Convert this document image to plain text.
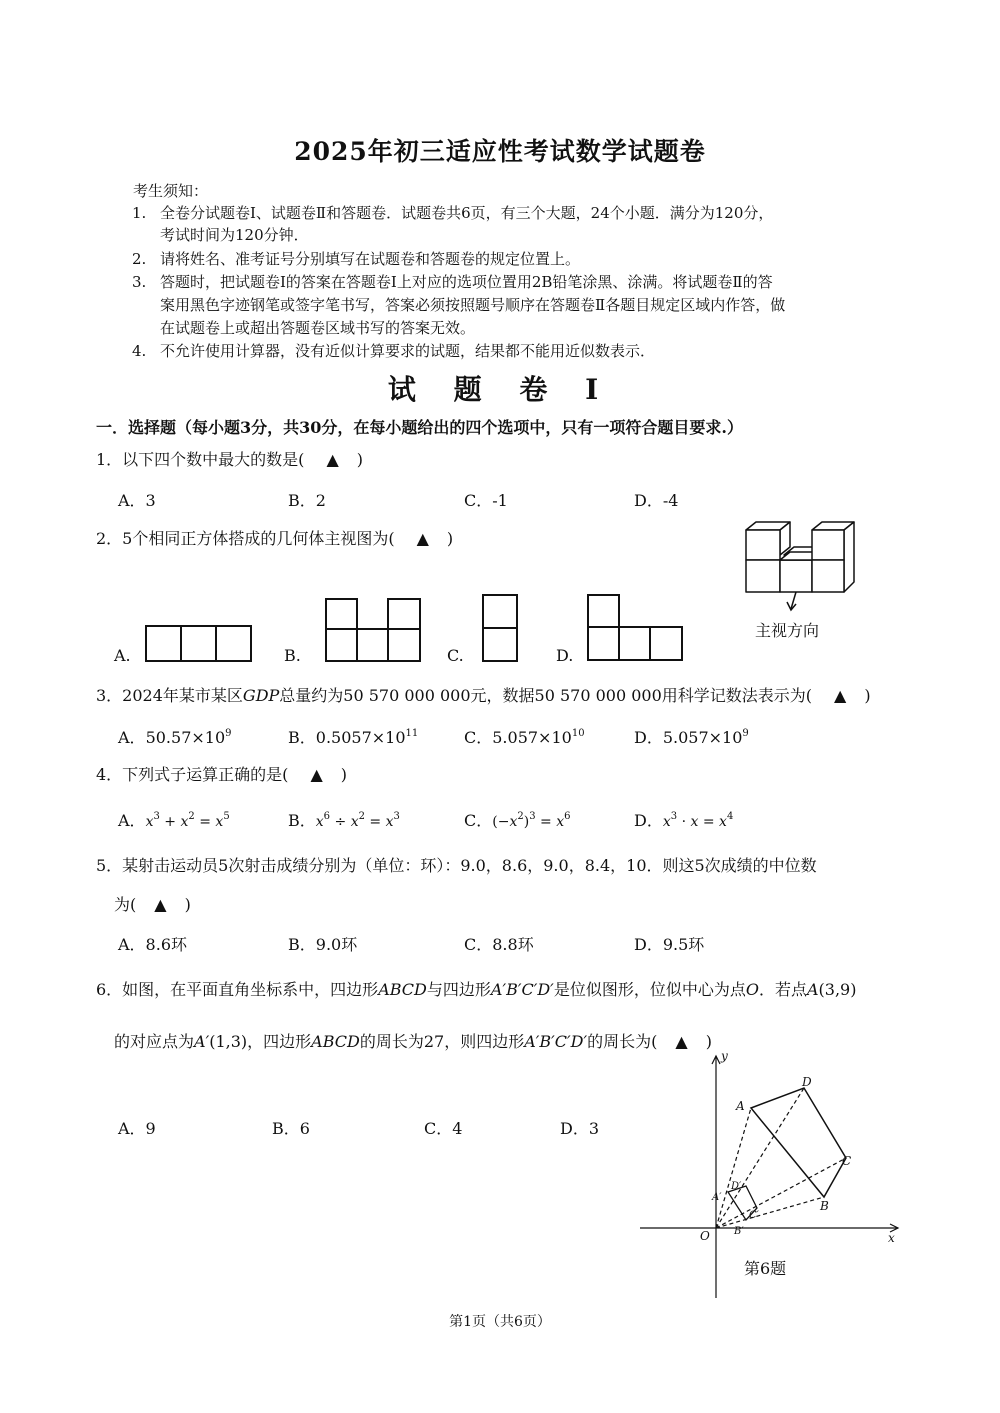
2025年初三适应性考试数学试题卷
考生须知：
1. 全卷分试题卷Ⅰ、试题卷Ⅱ和答题卷．试题卷共6页，有三个大题，24个小题．满分为120分，
考试时间为120分钟．
2. 请将姓名、准考证号分别填写在试题卷和答题卷的规定位置上。
3. 答题时，把试题卷Ⅰ的答案在答题卷Ⅰ上对应的选项位置用2B铅笔涂黑、涂满。将试题卷Ⅱ的答
案用黑色字迹钢笔或签字笔书写，答案必须按照题号顺序在答题卷Ⅱ各题目规定区域内作答，做
在试题卷上或超出答题卷区域书写的答案无效。
4. 不允许使用计算器，没有近似计算要求的试题，结果都不能用近似数表示．
试 题 卷 Ⅰ
一．选择题（每小题3分，共30分，在每小题给出的四个选项中，只有一项符合题目要求.）
1．以下四个数中最大的数是( ▲ )
A．3	B．2	C．-1	D．-4
2．5个相同正方体搭成的几何体主视图为( ▲ )
A.	B.	C.	D.
主视方向
3．2024年某市某区GDP总量约为50 570 000 000元，数据50 570 000 000用科学记数法表示为( ▲ )
A．$50.57\times 10^9$	B．$0.5057\times 10^{11}$	C．$5.057\times 10^{10}$	D．$5.057\times 10^9$
4．下列式子运算正确的是( ▲ )
A．$x^3 + x^2 = x^5$	B．$x^6 \div x^2 = x^3$	C．$(-x^2)^3 = x^6$	D．$x^3 \cdot x = x^4$
5．某射击运动员5次射击成绩分别为（单位：环）：9.0，8.6，9.0，8.4，10．则这5次成绩的中位数
为( ▲ )
A．8.6环	B．9.0环	C．8.8环	D．9.5环
6．如图，在平面直角坐标系中，四边形ABCD与四边形A′B′C′D′是位似图形，位似中心为点O．若点A(3,9)
的对应点为A′(1,3)，四边形ABCD的周长为27，则四边形A′B′C′D′的周长为( ▲ )
A．9	B．6	C．4	D．3
y
x
O
A
D
C
B
A′
D′
C′
B′
第6题
第1页（共6页）
